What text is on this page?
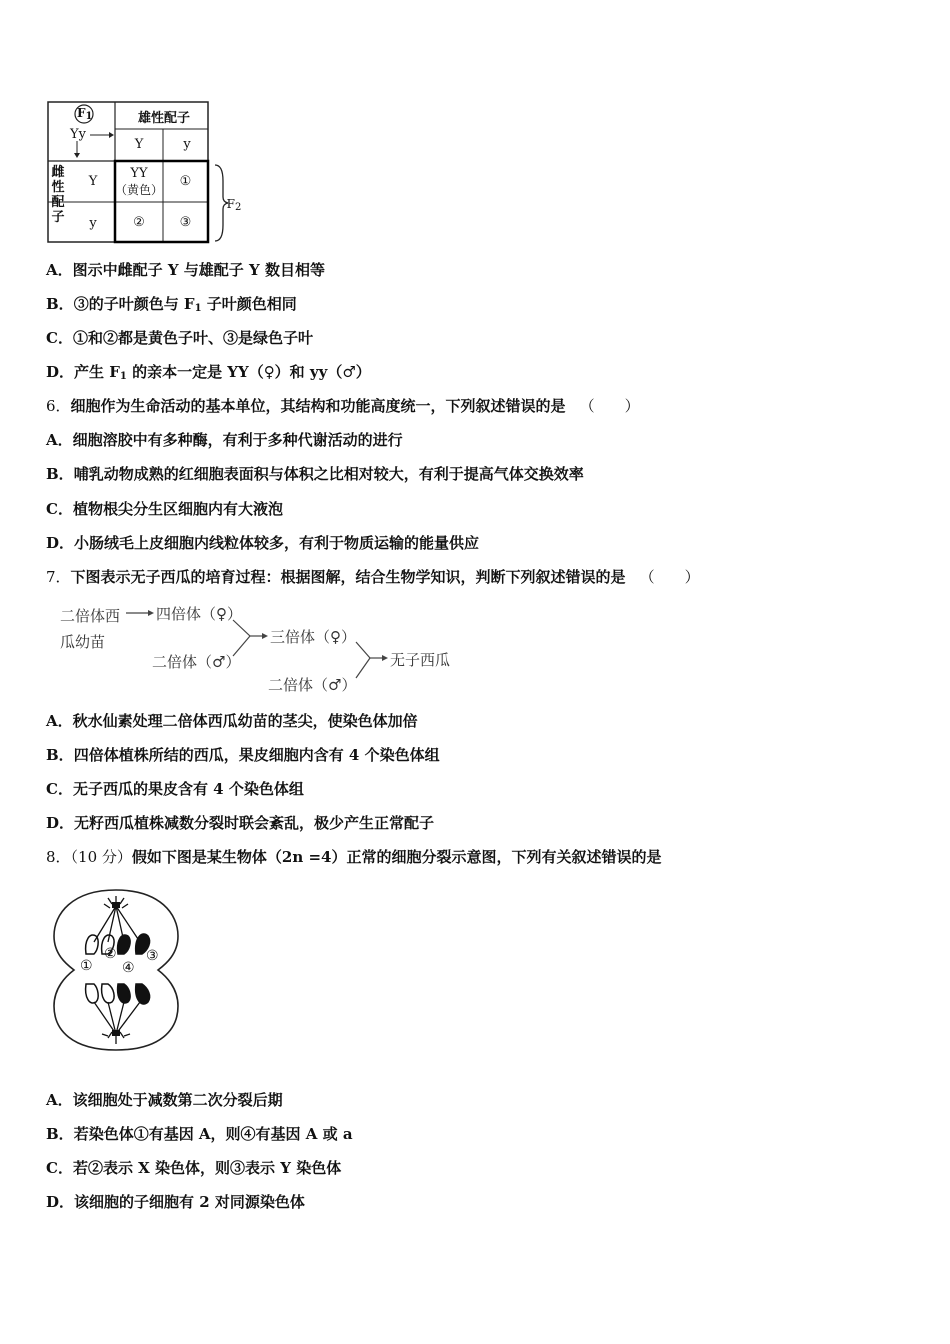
$F_1$
Yy
雄性配子
雌
性
配
子
Y	y
Y
y
YY
（黄色）
①
②	③
$F_2$
A．图示中雌配子 Y 与雄配子 Y 数目相等
B．③的子叶颜色与 $F_1$ 子叶颜色相同
C．①和②都是黄色子叶、③是绿色子叶
D．产生 $F_1$ 的亲本一定是 YY（♀）和 yy（♂）
6．细胞作为生命活动的基本单位，其结构和功能高度统一，下列叙述错误的是 （　　）
A．细胞溶胶中有多种酶，有利于多种代谢活动的进行
B．哺乳动物成熟的红细胞表面积与体积之比相对较大，有利于提高气体交换效率
C．植物根尖分生区细胞内有大液泡
D．小肠绒毛上皮细胞内线粒体较多，有利于物质运输的能量供应
7．下图表示无子西瓜的培育过程：根据图解，结合生物学知识，判断下列叙述错误的是 （　　）
二倍体西
瓜幼苗
四倍体（♀）
二倍体（♂）
三倍体（♀）
无子西瓜
二倍体（♂）
A．秋水仙素处理二倍体西瓜幼苗的茎尖，使染色体加倍
B．四倍体植株所结的西瓜，果皮细胞内含有 4 个染色体组
C．无子西瓜的果皮含有 4 个染色体组
D．无籽西瓜植株减数分裂时联会紊乱，极少产生正常配子
8．（10 分）假如下图是某生物体（2n =4）正常的细胞分裂示意图，下列有关叙述错误的是
①
② ③
④
A．该细胞处于减数第二次分裂后期
B．若染色体①有基因 A，则④有基因 A 或 a
C．若②表示 X 染色体，则③表示 Y 染色体
D．该细胞的子细胞有 2 对同源染色体
